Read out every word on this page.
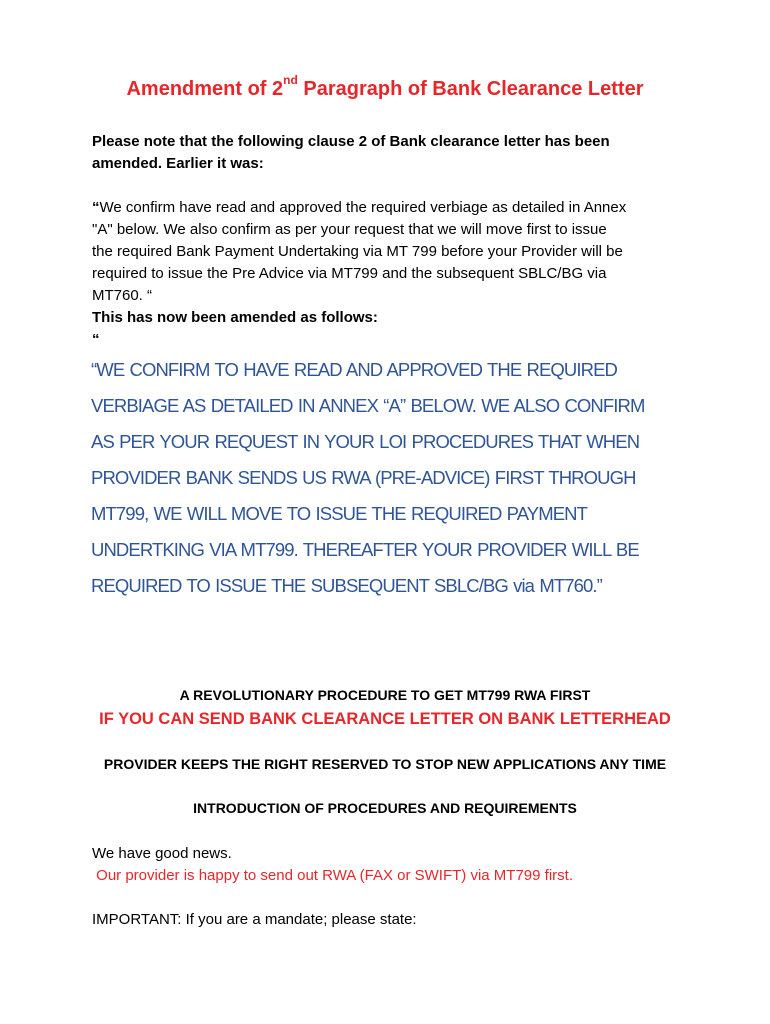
Amendment of 2nd Paragraph of Bank Clearance Letter
Please note that the following clause 2 of Bank clearance letter has been
amended. Earlier it was:
“We confirm have read and approved the required verbiage as detailed in Annex
"A" below. We also confirm as per your request that we will move first to issue
the required Bank Payment Undertaking via MT 799 before your Provider will be
required to issue the Pre Advice via MT799 and the subsequent SBLC/BG via
MT760. “
This has now been amended as follows:
“
“WE CONFIRM TO HAVE READ AND APPROVED THE REQUIRED
VERBIAGE AS DETAILED IN ANNEX “A” BELOW. WE ALSO CONFIRM
AS PER YOUR REQUEST IN YOUR LOI PROCEDURES THAT WHEN
PROVIDER BANK SENDS US RWA (PRE-ADVICE) FIRST THROUGH
MT799, WE WILL MOVE TO ISSUE THE REQUIRED PAYMENT
UNDERTKING VIA MT799. THEREAFTER YOUR PROVIDER WILL BE
REQUIRED TO ISSUE THE SUBSEQUENT SBLC/BG via MT760.”
A REVOLUTIONARY PROCEDURE TO GET MT799 RWA FIRST
IF YOU CAN SEND BANK CLEARANCE LETTER ON BANK LETTERHEAD
PROVIDER KEEPS THE RIGHT RESERVED TO STOP NEW APPLICATIONS ANY TIME
INTRODUCTION OF PROCEDURES AND REQUIREMENTS
We have good news.
Our provider is happy to send out RWA (FAX or SWIFT) via MT799 first.
IMPORTANT: If you are a mandate; please state:
